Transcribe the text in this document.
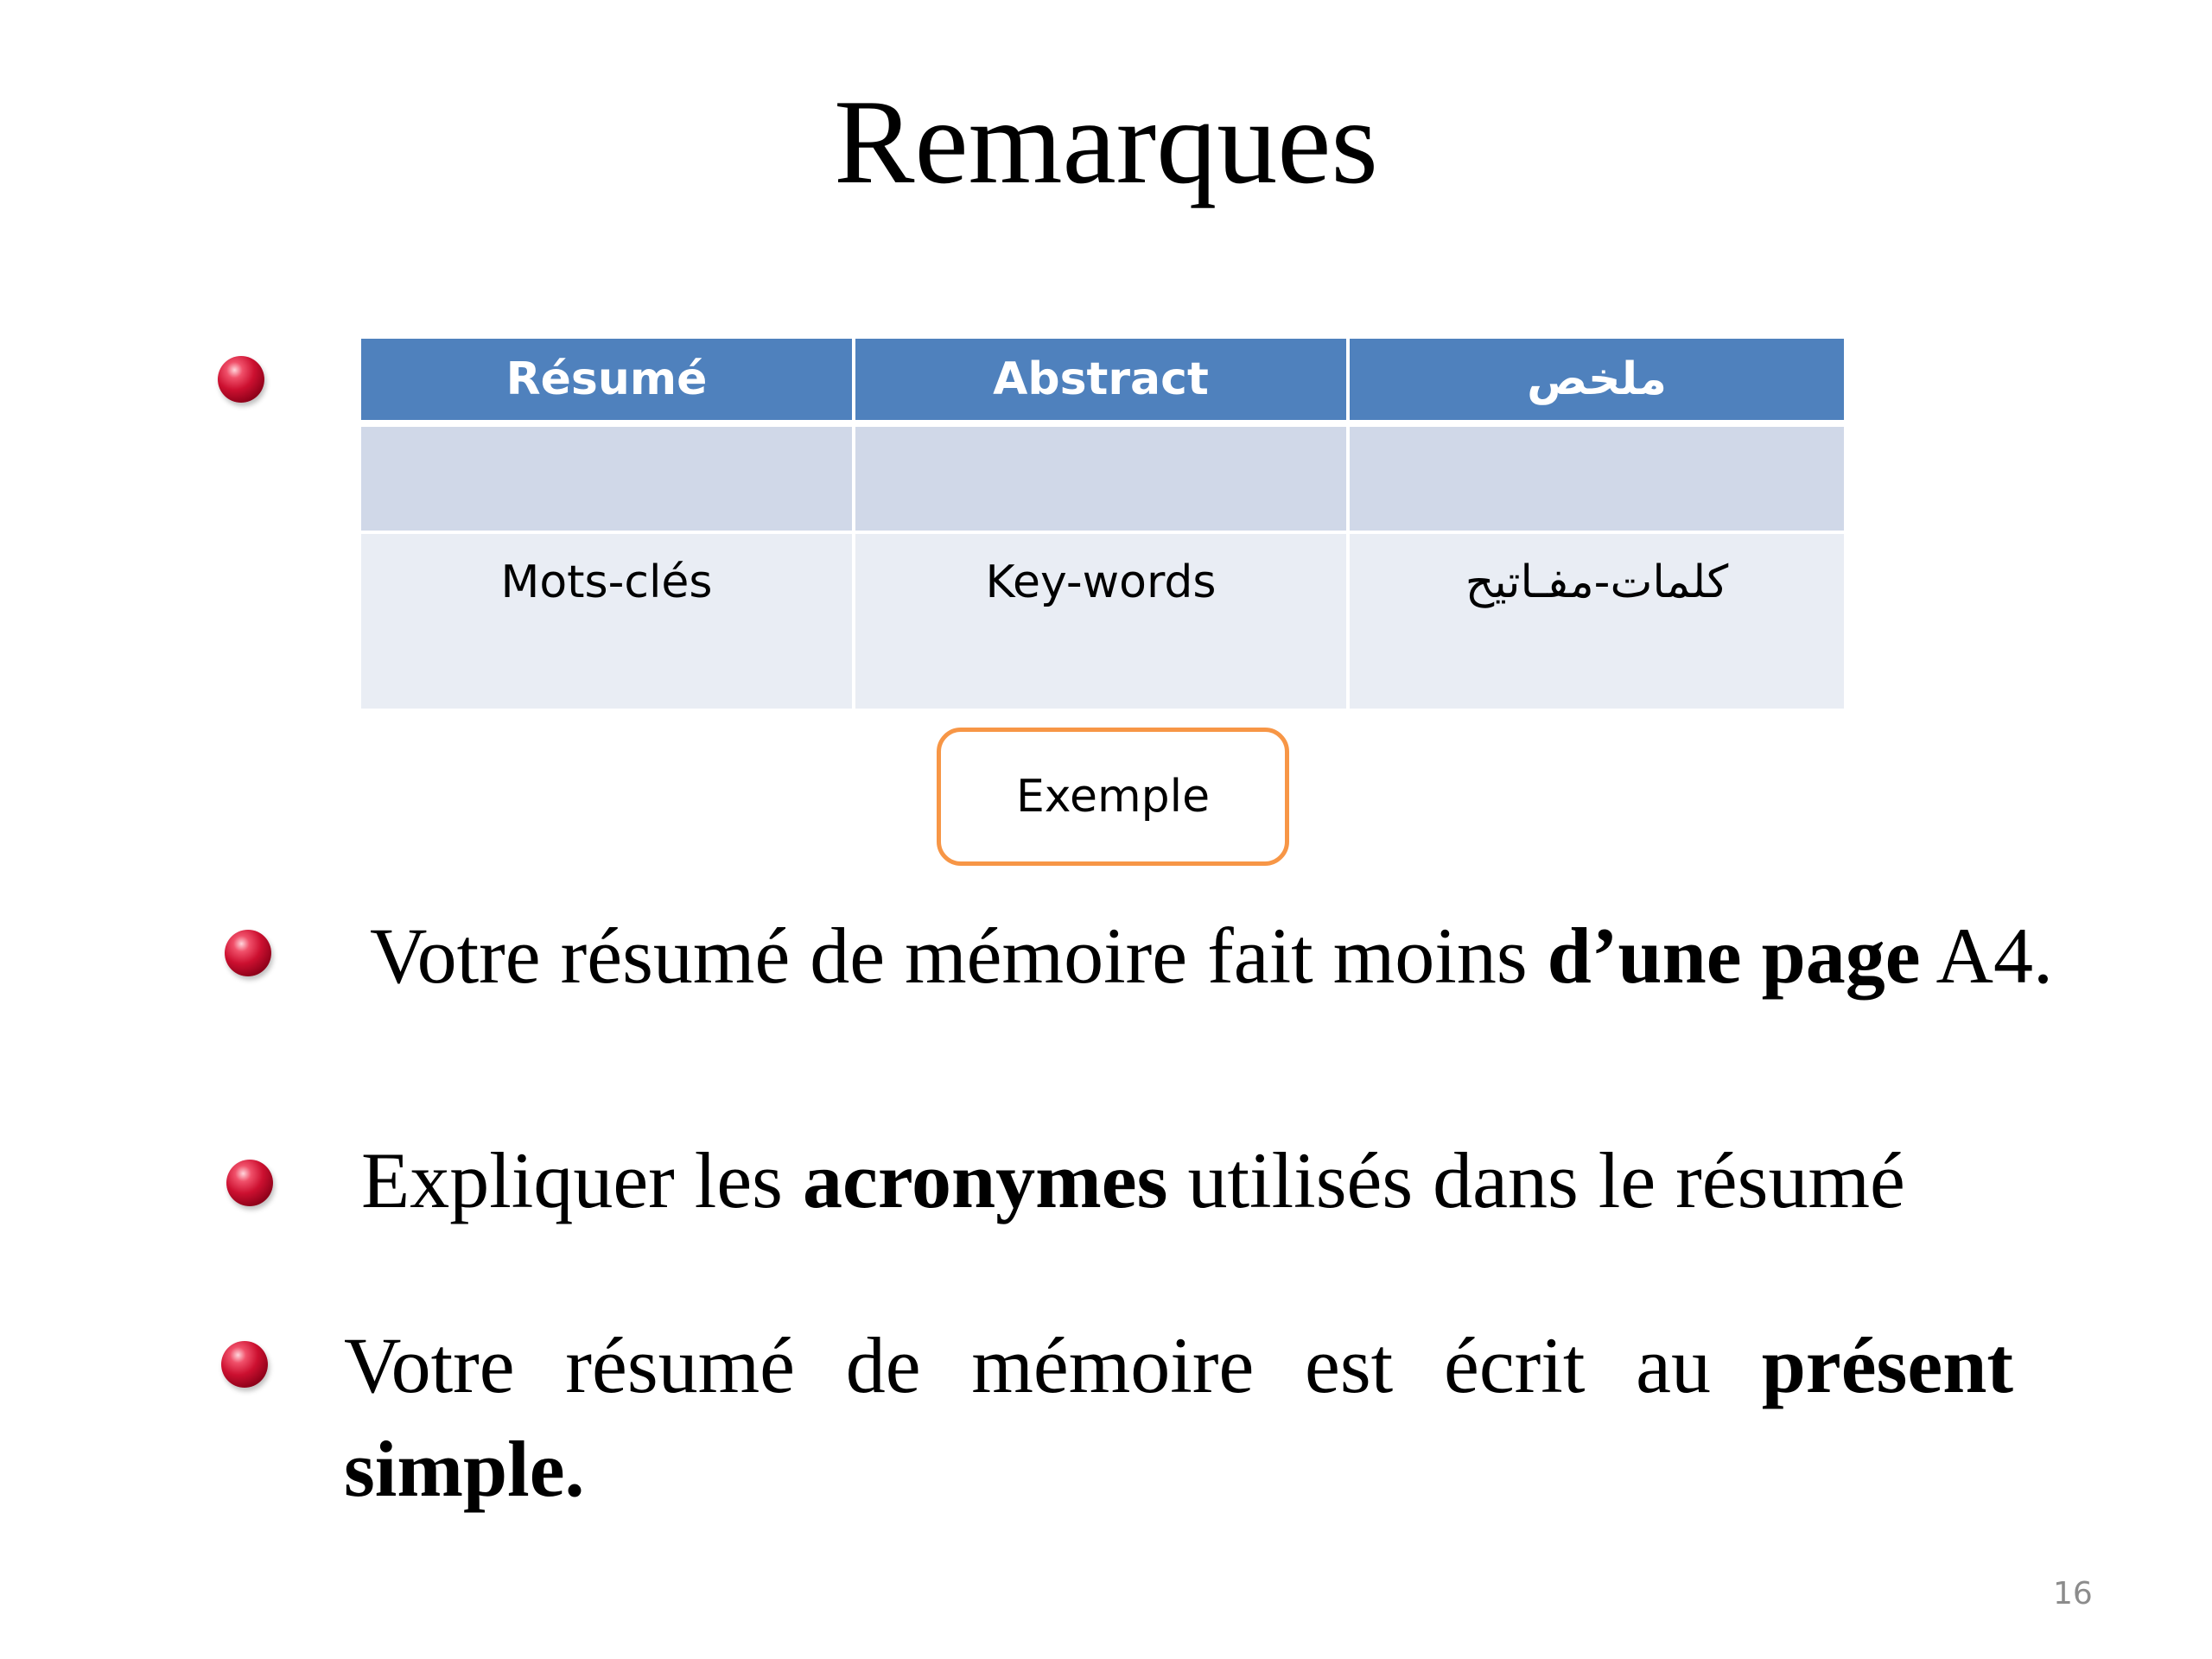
Remarques
Résumé	Abstract	ملخص

Mots-clés	Key-words	كلمات-مفـاتيح
Exemple
Votre résumé de mémoire fait moins d’une page A4.
Expliquer les acronymes utilisés dans le résumé
Votre résumé de mémoire est écrit au présent simple.
16
